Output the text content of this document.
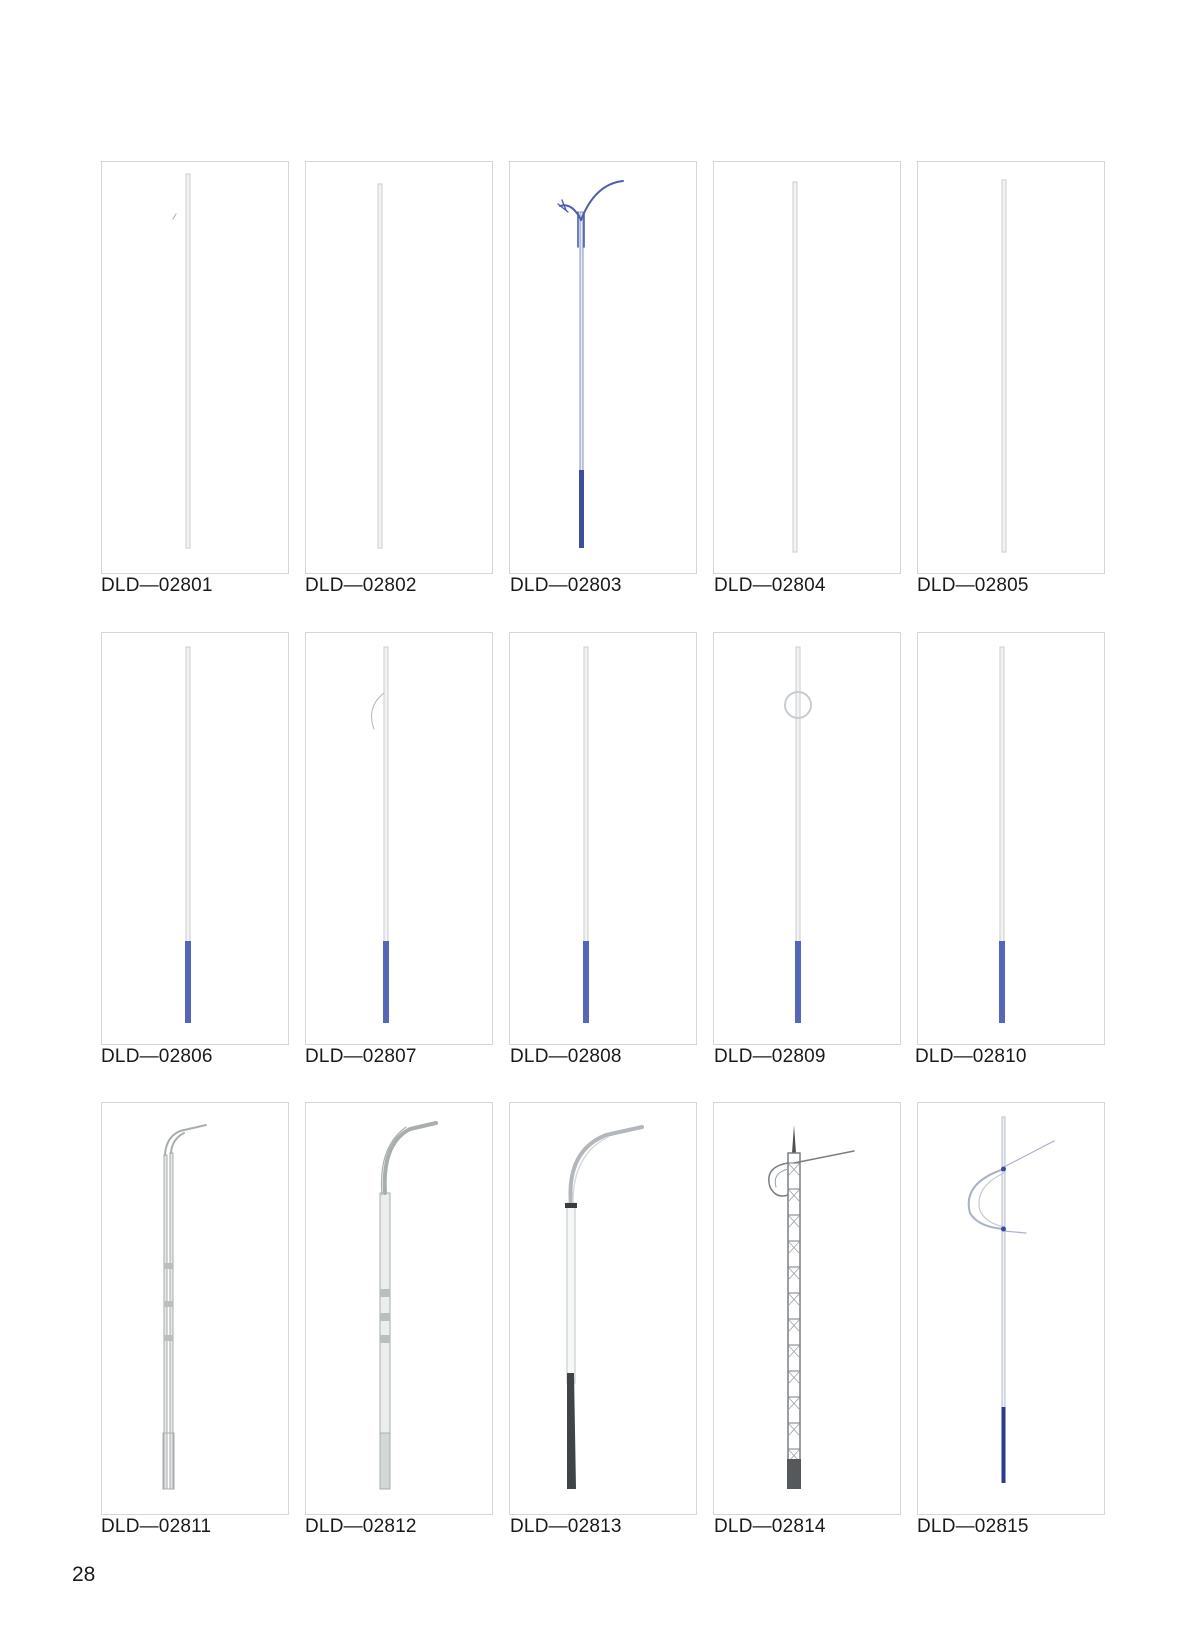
DLD—02801	DLD—02802	DLD—02803	DLD—02804	DLD—02805
DLD—02806	DLD—02807	DLD—02808	DLD—02809	DLD—02810
DLD—02811	DLD—02812	DLD—02813	DLD—02814	DLD—02815
28
